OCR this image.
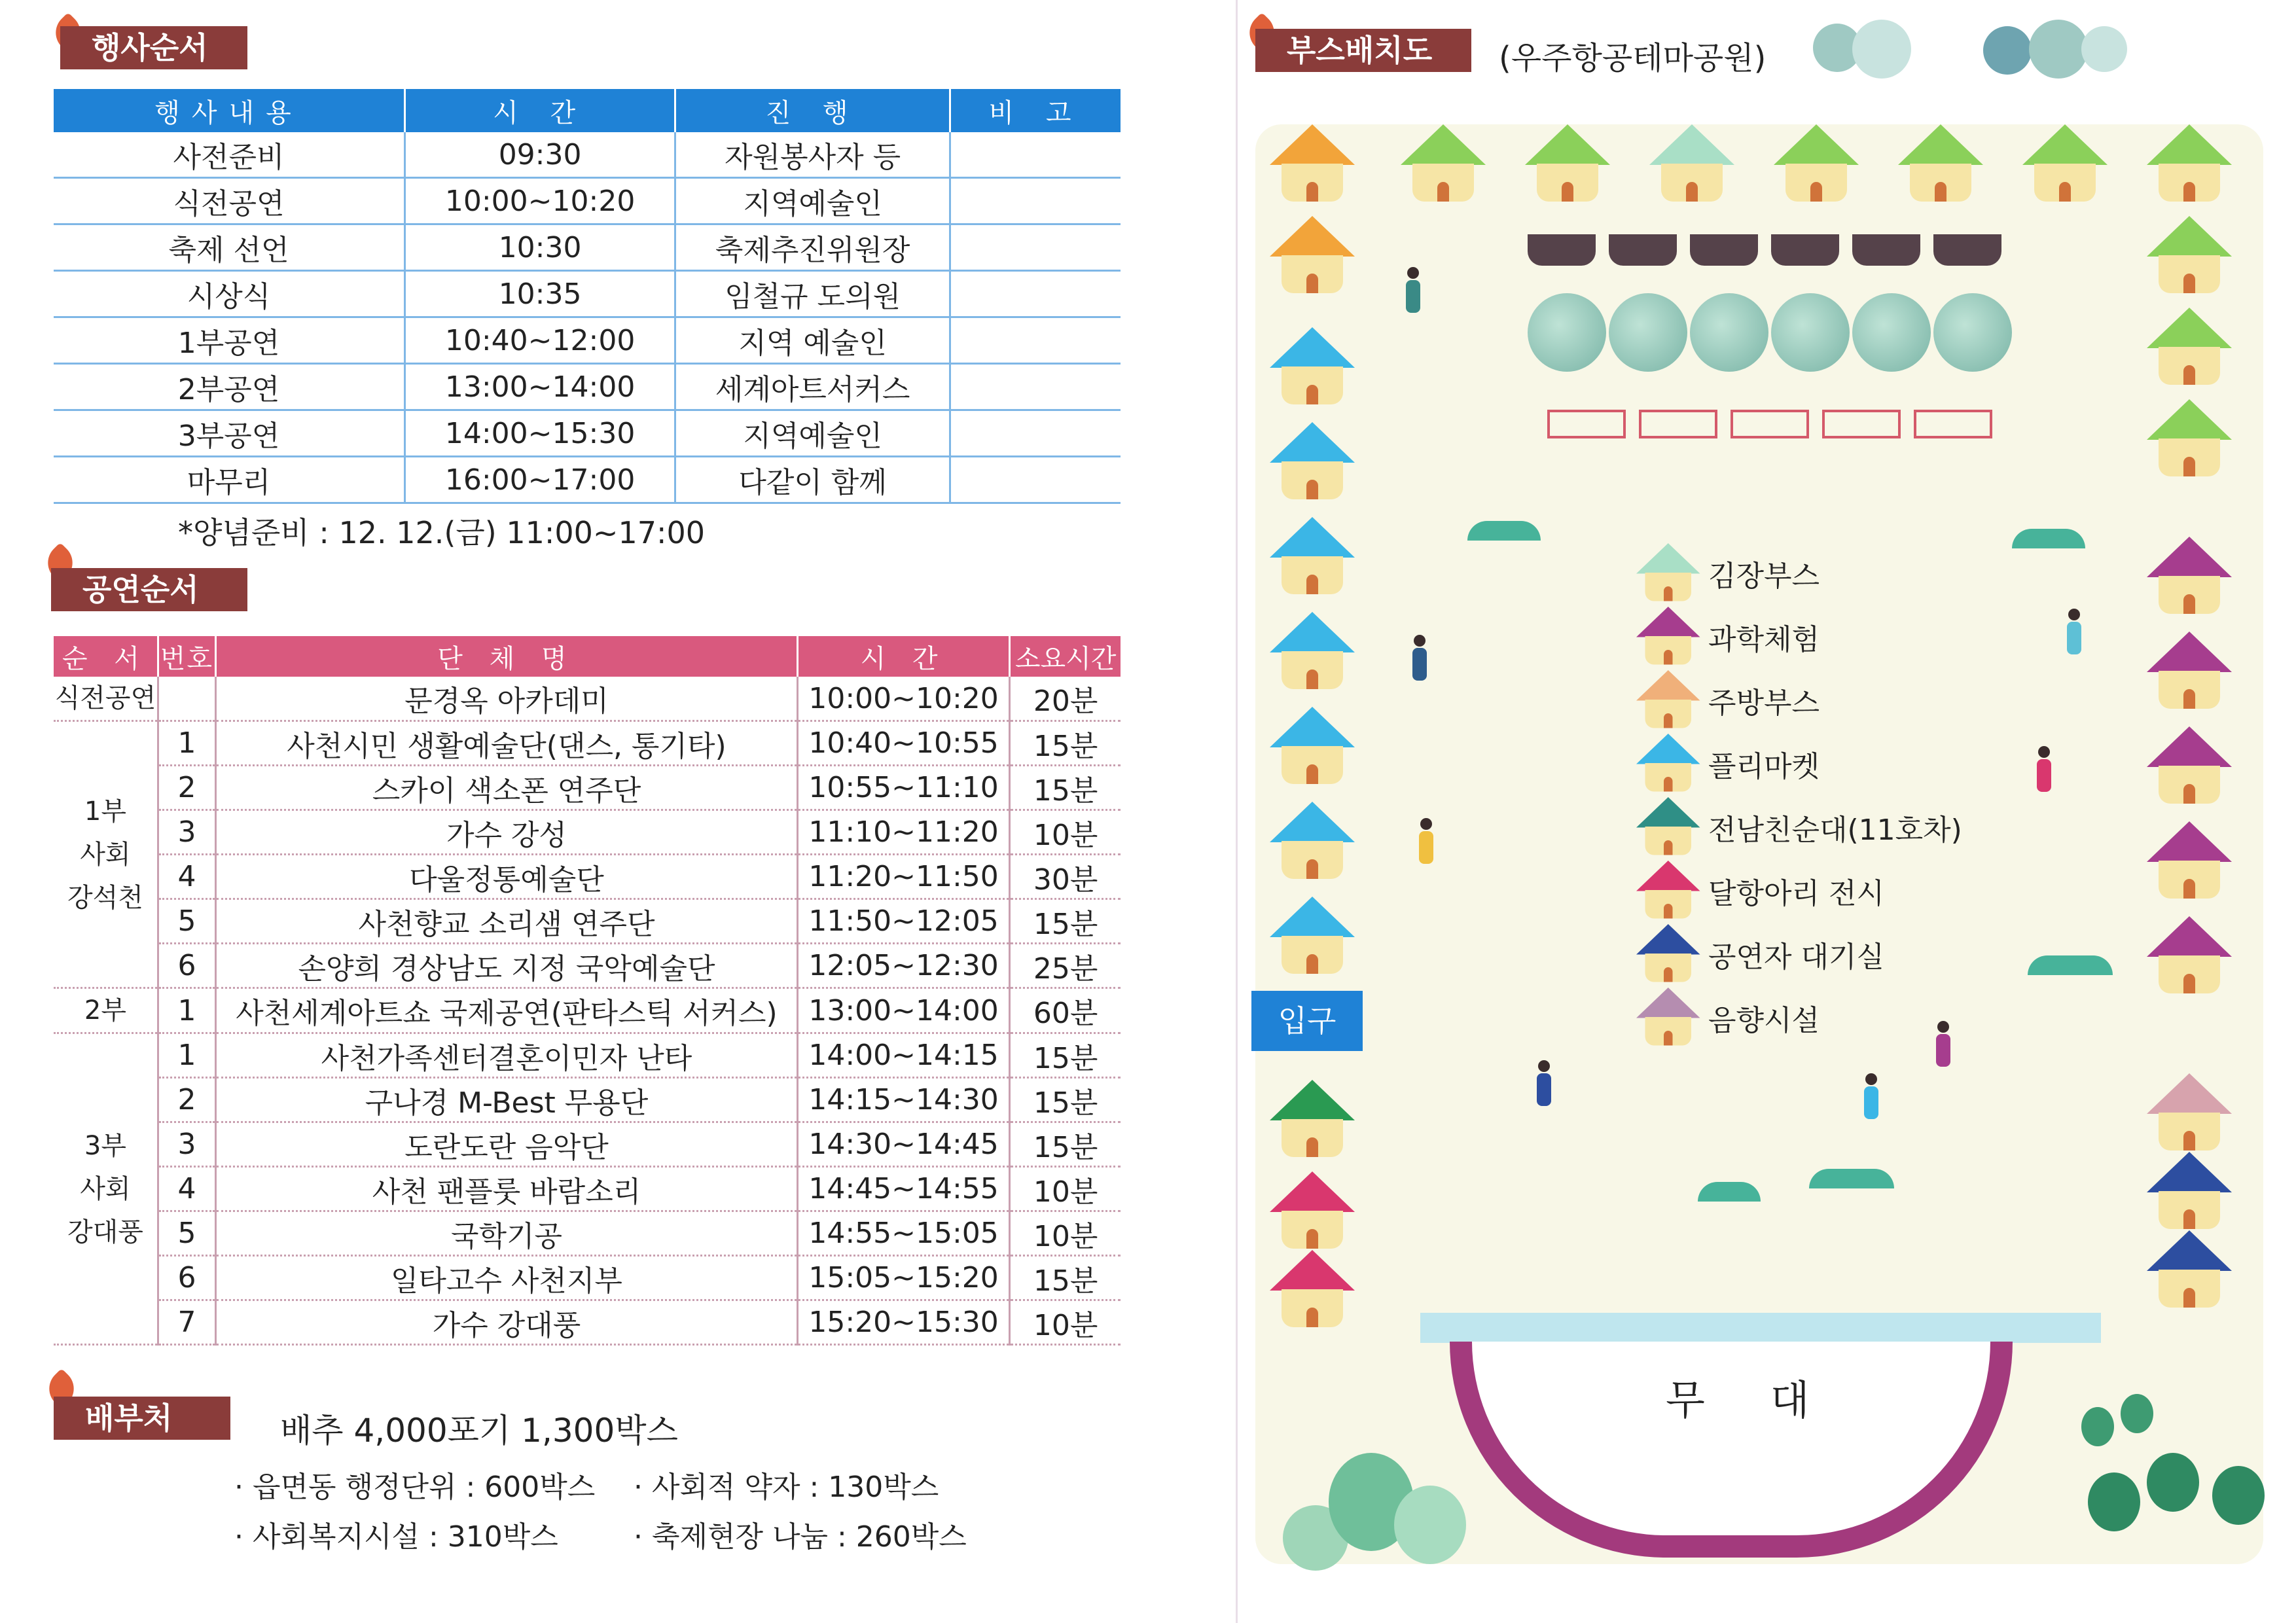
행사순서
행사내용	시 간	진 행	비 고
사전준비	09:30	자원봉사자 등	
식전공연	10:00~10:20	지역예술인	
축제 선언	10:30	축제추진위원장	
시상식	10:35	임철규 도의원	
1부공연	10:40~12:00	지역 예술인	
2부공연	13:00~14:00	세계아트서커스	
3부공연	14:00~15:30	지역예술인	
마무리	16:00~17:00	다같이 함께	
*양념준비 : 12. 12.(금) 11:00~17:00
공연순서
순 서	번호	단 체 명	시 간	소요시간
식전공연		문경옥 아카데미	10:00~10:20	20분

1부
사회
강석천	1	사천시민 생활예술단(댄스, 통기타)	10:40~10:55	15분
	2	스카이 색소폰 연주단	10:55~11:10	15분
	3	가수 강성	11:10~11:20	10분
	4	다울정통예술단	11:20~11:50	30분
	5	사천향교 소리샘 연주단	11:50~12:05	15분
	6	손양희 경상남도 지정 국악예술단	12:05~12:30	25분
2부	1	사천세계아트쇼 국제공연(판타스틱 서커스)	13:00~14:00	60분

3부
사회
강대풍	1	사천가족센터결혼이민자 난타	14:00~14:15	15분
	2	구나경 M-Best 무용단	14:15~14:30	15분
	3	도란도란 음악단	14:30~14:45	15분
	4	사천 팬플룻 바람소리	14:45~14:55	10분
	5	국학기공	14:55~15:05	10분
	6	일타고수 사천지부	15:05~15:20	15분
	7	가수 강대풍	15:20~15:30	10분
배부처	배추 4,000포기 1,300박스
· 읍면동 행정단위 : 600박스 · 사회적 약자 : 130박스
· 사회복지시설 : 310박스	· 축제현장 나눔 : 260박스
부스배치도	(우주항공테마공원)
김장부스
과학체험
주방부스
플리마켓
전남친순대(11호차)
달항아리 전시
공연자 대기실
음향시설
입구
무 대
